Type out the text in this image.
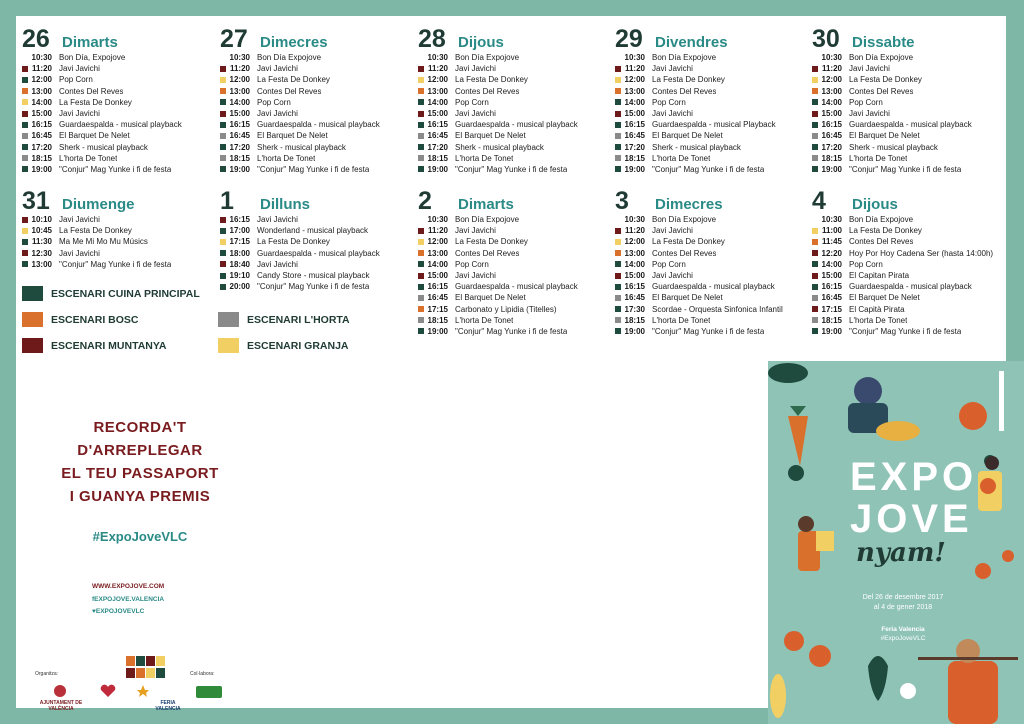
26 Dimarts
10:30 Bon Día, Expojove
11:20 Javi Javichi
12:00 Pop Corn
13:00 Contes Del Reves
14:00 La Festa De Donkey
15:00 Javi Javichi
16:15 Guardaespalda - musical playback
16:45 El Barquet De Nelet
17:20 Sherk - musical playback
18:15 L'horta De Tonet
19:00 "Conjur" Mag Yunke i fi de festa
27 Dimecres
10:30 Bon Día Expojove
11:20 Javi Javichi
12:00 La Festa De Donkey
13:00 Contes Del Reves
14:00 Pop Corn
15:00 Javi Javichi
16:15 Guardaespalda - musical playback
16:45 El Barquet De Nelet
17:20 Sherk - musical playback
18:15 L'horta De Tonet
19:00 "Conjur" Mag Yunke i fi de festa
28 Dijous
10:30 Bon Día Expojove
11:20 Javi Javichi
12:00 La Festa De Donkey
13:00 Contes Del Reves
14:00 Pop Corn
15:00 Javi Javichi
16:15 Guardaespalda - musical playback
16:45 El Barquet De Nelet
17:20 Sherk - musical playback
18:15 L'horta De Tonet
19:00 "Conjur" Mag Yunke i fi de festa
29 Divendres
10:30 Bon Día Expojove
11:20 Javi Javichi
12:00 La Festa De Donkey
13:00 Contes Del Reves
14:00 Pop Corn
15:00 Javi Javichi
16:15 Guardaespalda - musical Playback
16:45 El Barquet De Nelet
17:20 Sherk - musical playback
18:15 L'horta De Tonet
19:00 "Conjur" Mag Yunke i fi de festa
30 Dissabte
10:30 Bon Día Expojove
11:20 Javi Javichi
12:00 La Festa De Donkey
13:00 Contes Del Reves
14:00 Pop Corn
15:00 Javi Javichi
16:15 Guardaespalda - musical playback
16:45 El Barquet De Nelet
17:20 Sherk - musical playback
18:15 L'horta De Tonet
19:00 "Conjur" Mag Yunke i fi de festa
31 Diumenge
10:10 Javi Javichi
10:45 La Festa De Donkey
11:30 Ma Me Mi Mo Mu Músics
12:30 Javi Javichi
13:00 "Conjur" Mag Yunke i fi de festa
1	Dilluns
16:15 Javi Javichi
17:00 Wonderland - musical playback
17:15 La Festa De Donkey
18:00 Guardaespalda - musical playback
18:40 Javi Javichi
19:10 Candy Store - musical playback
20:00 "Conjur" Mag Yunke i fi de festa
2	Dimarts
10:30 Bon Día Expojove
11:20 Javi Javichi
12:00 La Festa De Donkey
13:00 Contes Del Reves
14:00 Pop Corn
15:00 Javi Javichi
16:15 Guardaespalda - musical playback
16:45 El Barquet De Nelet
17:15 Carbonato y Lipidia (Titelles)
18:15 L'horta De Tonet
19:00 "Conjur" Mag Yunke i fi de festa
3	Dimecres
10:30 Bon Día Expojove
11:20 Javi Javichi
12:00 La Festa De Donkey
13:00 Contes Del Reves
14:00 Pop Corn
15:00 Javi Javichi
16:15 Guardaespalda - musical playback
16:45 El Barquet De Nelet
17:30 Scordae - Orquesta Sinfonica Infantil
18:15 L'horta De Tonet
19:00 "Conjur" Mag Yunke i fi de festa
4	Dijous
10:30 Bon Día Expojove
11:00 La Festa De Donkey
11:45 Contes Del Reves
12:20 Hoy Por Hoy Cadena Ser (hasta 14:00h)
14:00 Pop Corn
15:00 El Capitan Pirata
16:15 Guardaespalda - musical playback
16:45 El Barquet De Nelet
17:15 El Capità Pirata
18:15 L'horta De Tonet
19:00 "Conjur" Mag Yunke i fi de festa
ESCENARI CUINA PRINCIPAL
ESCENARI BOSC
ESCENARI MUNTANYA
ESCENARI L'HORTA
ESCENARI GRANJA
RECORDA'T
D'ARREPLEGAR
EL TEU PASSAPORT
I GUANYA PREMIS
#ExpoJoveVLC
WWW.EXPOJOVE.COM
fEXPOJOVE.VALENCIA
♥EXPOJOVEVLC
Organitza:	Col·labora:
AJUNTAMENT DE VALÈNCIA
FERIA VALENCIA
EXPO
JOVE
nyam!
Del 26 de desembre 2017
al 4 de gener 2018
Feria Valencia
#ExpoJoveVLC
